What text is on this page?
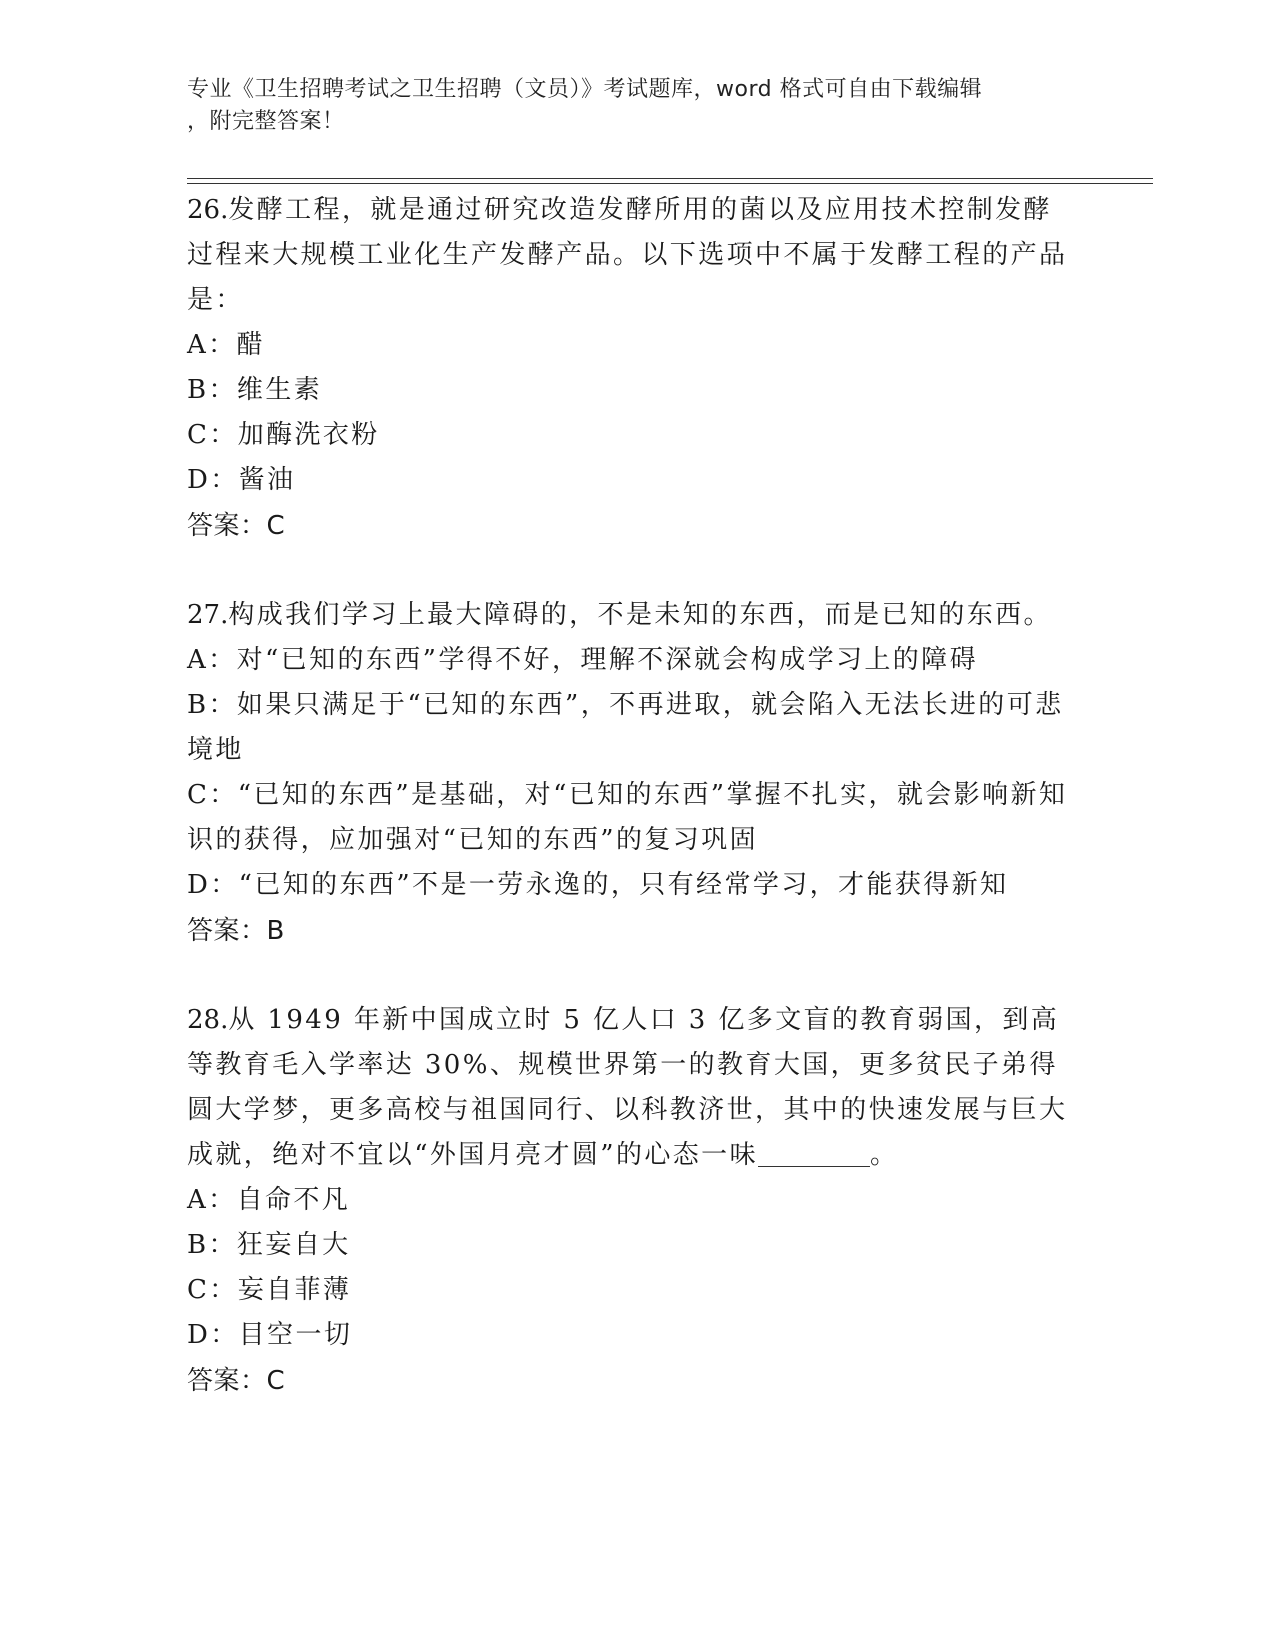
专业《卫生招聘考试之卫生招聘（文员）》考试题库，word 格式可自由下载编辑
，附完整答案！

26.发酵工程，就是通过研究改造发酵所用的菌以及应用技术控制发酵过程来大规模工业化生产发酵产品。以下选项中不属于发酵工程的产品是：

A：醋

B：维生素

C：加酶洗衣粉

D：酱油

答案：C

27.构成我们学习上最大障碍的，不是未知的东西，而是已知的东西。

A：对“已知的东西”学得不好，理解不深就会构成学习上的障碍

B：如果只满足于“已知的东西”，不再进取，就会陷入无法长进的可悲境地

C：“已知的东西”是基础，对“已知的东西”掌握不扎实，就会影响新知识的获得，应加强对“已知的东西”的复习巩固

D：“已知的东西”不是一劳永逸的，只有经常学习，才能获得新知

答案：B

28.从 1949 年新中国成立时 5 亿人口 3 亿多文盲的教育弱国，到高等教育毛入学率达 30%、规模世界第一的教育大国，更多贫民子弟得圆大学梦，更多高校与祖国同行、以科教济世，其中的快速发展与巨大成就，绝对不宜以“外国月亮才圆”的心态一味	。

A：自命不凡

B：狂妄自大

C：妄自菲薄

D：目空一切

答案：C
